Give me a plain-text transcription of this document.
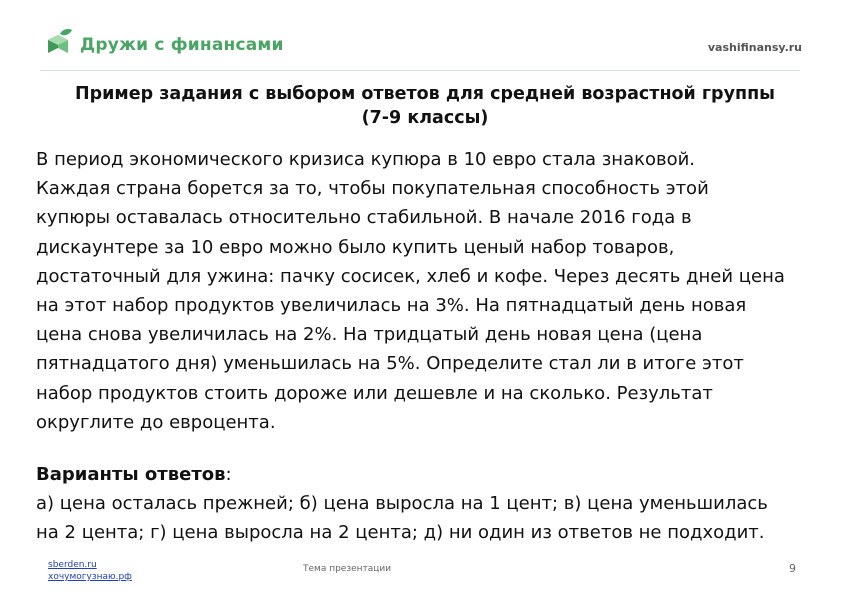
Дружи с финансами	vashifinansy.ru
Пример задания с выбором ответов для средней возрастной группы
(7-9 классы)
В период экономического кризиса купюра в 10 евро стала знаковой.
Каждая страна борется за то, чтобы покупательная способность этой
купюры оставалась относительно стабильной. В начале 2016 года в
дискаунтере за 10 евро можно было купить ценый набор товаров,
достаточный для ужина: пачку сосисек, хлеб и кофе. Через десять дней цена
на этот набор продуктов увеличилась на 3%. На пятнадцатый день новая
цена снова увеличилась на 2%. На тридцатый день новая цена (цена
пятнадцатого дня) уменьшилась на 5%. Определите стал ли в итоге этот
набор продуктов стоить дороже или дешевле и на сколько. Результат
округлите до евроцента.
Варианты ответов:
а) цена осталась прежней; б) цена выросла на 1 цент; в) цена уменьшилась
на 2 цента; г) цена выросла на 2 цента; д) ни один из ответов не подходит.
sberden.ru
хочумогузнаю.рф
Тема презентации	9
